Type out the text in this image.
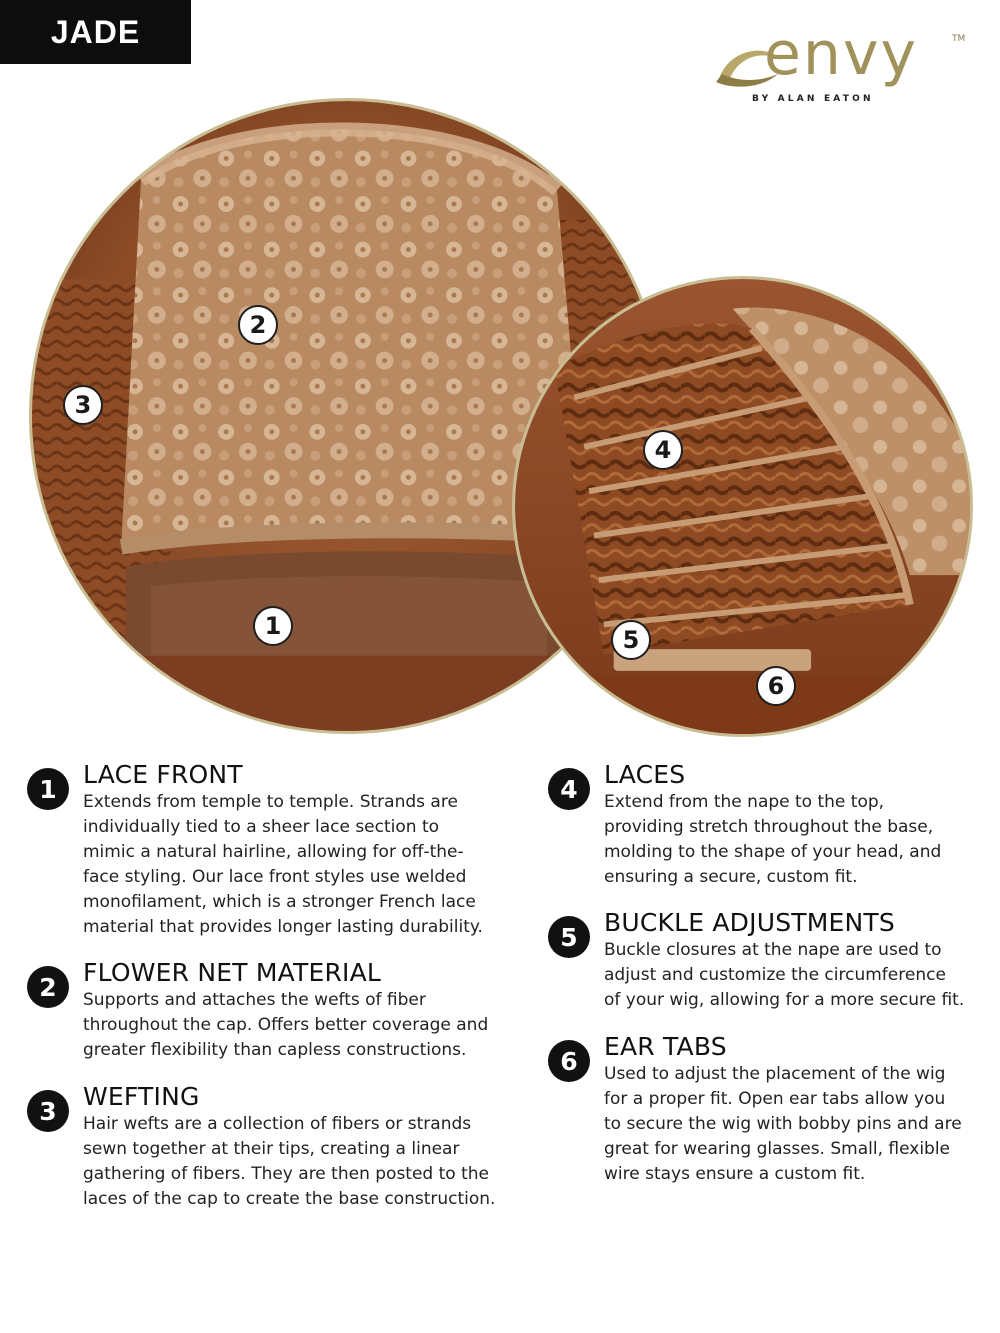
JADE	envy	TM
BY ALAN EATON
1
2
3
4
5
6
1	LACE FRONT
Extends from temple to temple. Strands are
individually tied to a sheer lace section to
mimic a natural hairline, allowing for off-the-
face styling. Our lace front styles use welded
monofilament, which is a stronger French lace
material that provides longer lasting durability.
2	FLOWER NET MATERIAL
Supports and attaches the wefts of fiber
throughout the cap. Offers better coverage and
greater flexibility than capless constructions.
3	WEFTING
Hair wefts are a collection of fibers or strands
sewn together at their tips, creating a linear
gathering of fibers. They are then posted to the
laces of the cap to create the base construction.
4	LACES
Extend from the nape to the top,
providing stretch throughout the base,
molding to the shape of your head, and
ensuring a secure, custom fit.
5	BUCKLE ADJUSTMENTS
Buckle closures at the nape are used to
adjust and customize the circumference
of your wig, allowing for a more secure fit.
6	EAR TABS
Used to adjust the placement of the wig
for a proper fit. Open ear tabs allow you
to secure the wig with bobby pins and are
great for wearing glasses. Small, flexible
wire stays ensure a custom fit.
